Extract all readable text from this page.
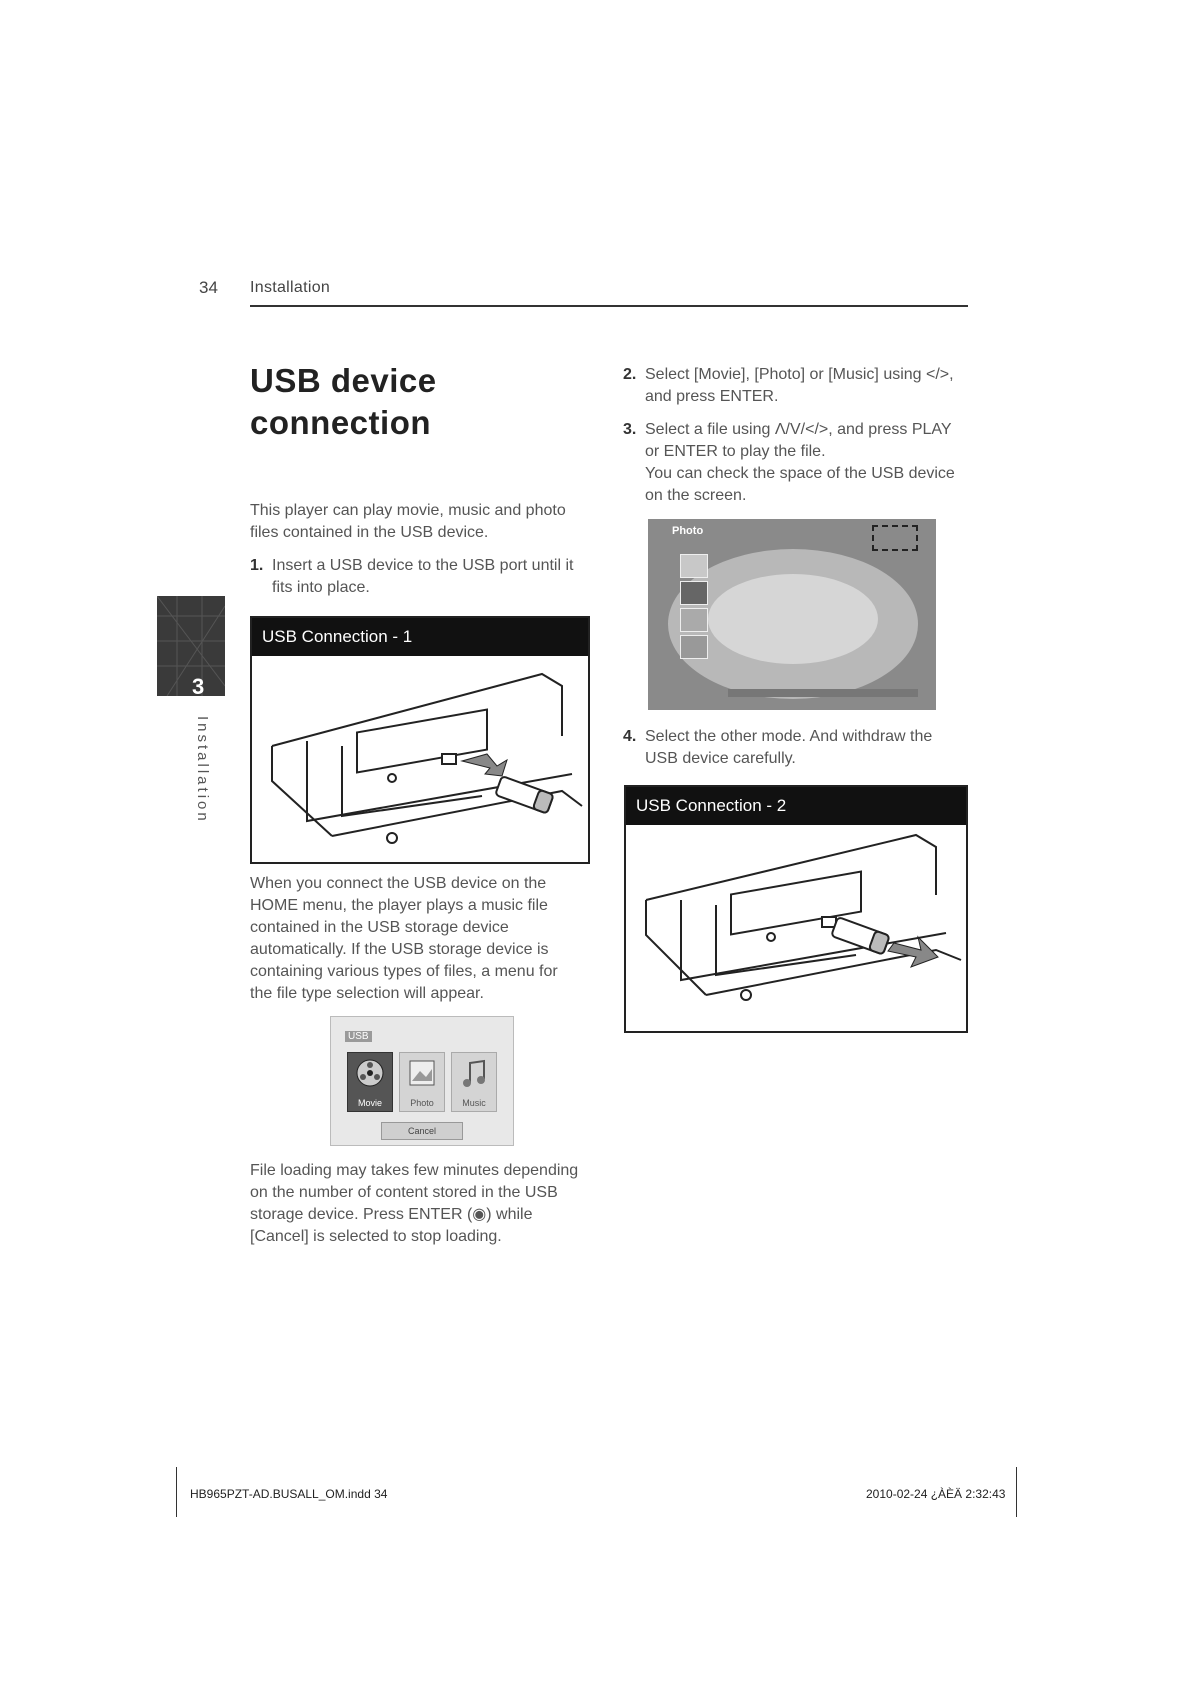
34 Installation
3
Installation
USB device connection
This player can play movie, music and photo files contained in the USB device.
1. Insert a USB device to the USB port until it fits into place.
USB Connection - 1
When you connect the USB device on the HOME menu, the player plays a music file contained in the USB storage device automatically. If the USB storage device is containing various types of files, a menu for the file type selection will appear.
USB
Movie	Photo	Music
Cancel
File loading may takes few minutes depending on the number of content stored in the USB storage device. Press ENTER (◉) while [Cancel] is selected to stop loading.
2. Select [Movie], [Photo] or [Music] using </>, and press ENTER.
3. Select a file using Λ/V/</>, and press PLAY or ENTER to play the file.
You can check the space of the USB device on the screen.
Photo
4. Select the other mode. And withdraw the USB device carefully.
USB Connection - 2
HB965PZT-AD.BUSALL_OM.indd 34	2010-02-24 ¿ÀÈÄ 2:32:43
